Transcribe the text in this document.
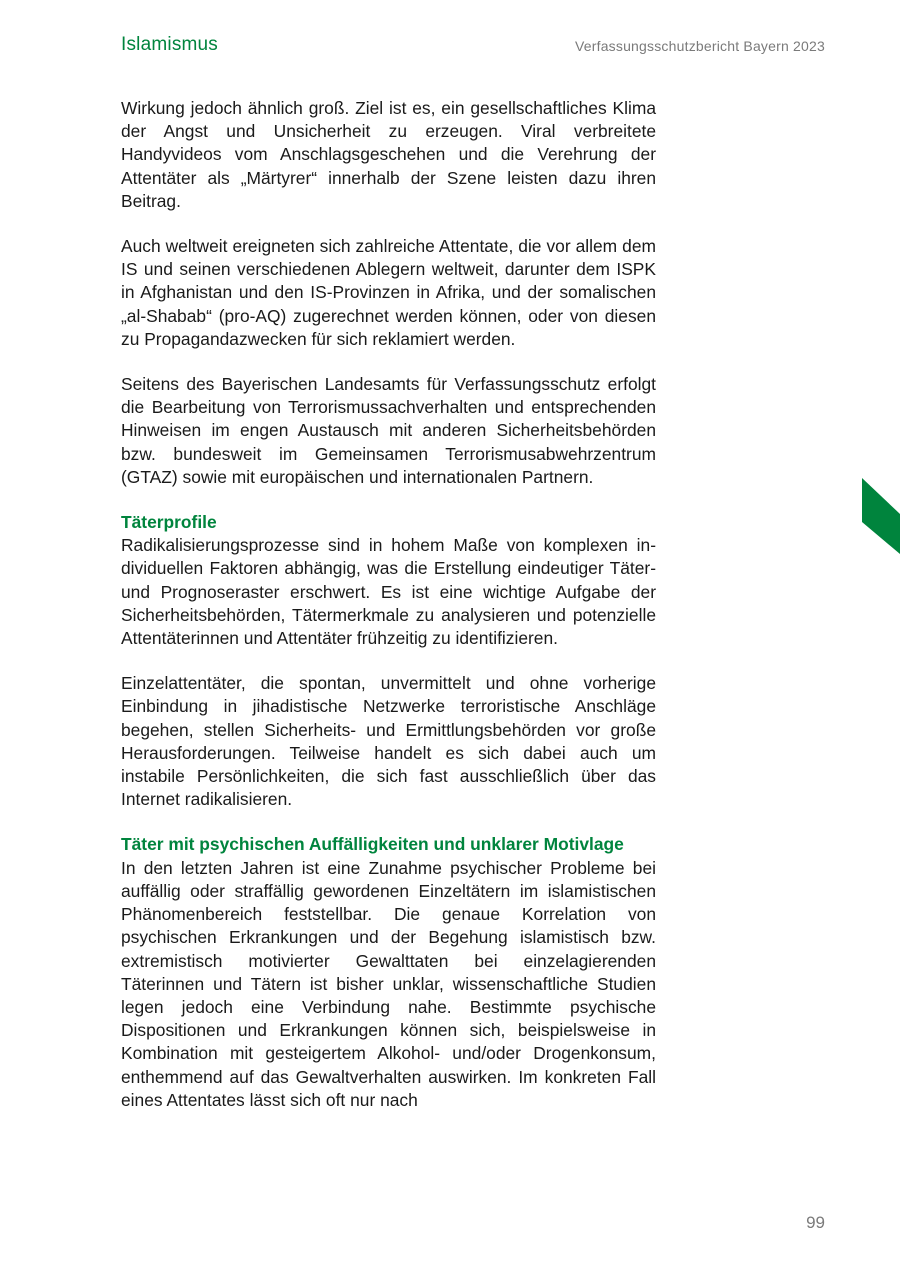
Islamismus	Verfassungsschutzbericht Bayern 2023

Wirkung jedoch ähnlich groß. Ziel ist es, ein gesellschaftliches Klima der Angst und Unsicherheit zu erzeugen. Viral verbreitete Handyvideos vom Anschlagsgeschehen und die Verehrung der Attentäter als „Märtyrer“ innerhalb der Szene leisten dazu ihren Beitrag.

Auch weltweit ereigneten sich zahlreiche Attentate, die vor allem dem IS und seinen verschiedenen Ablegern weltweit, darunter dem ISPK in Afghanistan und den IS-Provinzen in Afrika, und der somalischen „al-Shabab“ (pro-AQ) zugerechnet werden können, oder von diesen zu Propagandazwecken für sich reklamiert werden.

Seitens des Bayerischen Landesamts für Verfassungsschutz erfolgt die Bearbeitung von Terrorismussachverhalten und entsprechenden Hinweisen im engen Austausch mit anderen Sicherheitsbehörden bzw. bundesweit im Gemeinsamen Terrorismusabwehrzentrum (GTAZ) sowie mit europäischen und internationalen Partnern.

Täterprofile

Radikalisierungsprozesse sind in hohem Maße von komplexen individuellen Faktoren abhängig, was die Erstellung eindeutiger Täter- und Prognoseraster erschwert. Es ist eine wichtige Aufgabe der Sicherheitsbehörden, Tätermerkmale zu analysieren und potenzielle Attentäterinnen und Attentäter frühzeitig zu identifizieren.

Einzelattentäter, die spontan, unvermittelt und ohne vorherige Einbindung in jihadistische Netzwerke terroristische Anschläge begehen, stellen Sicherheits- und Ermittlungsbehörden vor große Herausforderungen. Teilweise handelt es sich dabei auch um instabile Persönlichkeiten, die sich fast ausschließlich über das Internet radikalisieren.

Täter mit psychischen Auffälligkeiten und unklarer Motivlage

In den letzten Jahren ist eine Zunahme psychischer Probleme bei auffällig oder straffällig gewordenen Einzeltätern im islamistischen Phänomenbereich feststellbar. Die genaue Korrelation von psychischen Erkrankungen und der Begehung islamistisch bzw. extremistisch motivierter Gewalttaten bei einzelagierenden Täterinnen und Tätern ist bisher unklar, wissenschaftliche Studien legen jedoch eine Verbindung nahe. Bestimmte psychische Dispositionen und Erkrankungen können sich, beispielsweise in Kombination mit gesteigertem Alkohol- und/oder Drogenkonsum, enthemmend auf das Gewaltverhalten auswirken. Im konkreten Fall eines Attentates lässt sich oft nur nach

99
